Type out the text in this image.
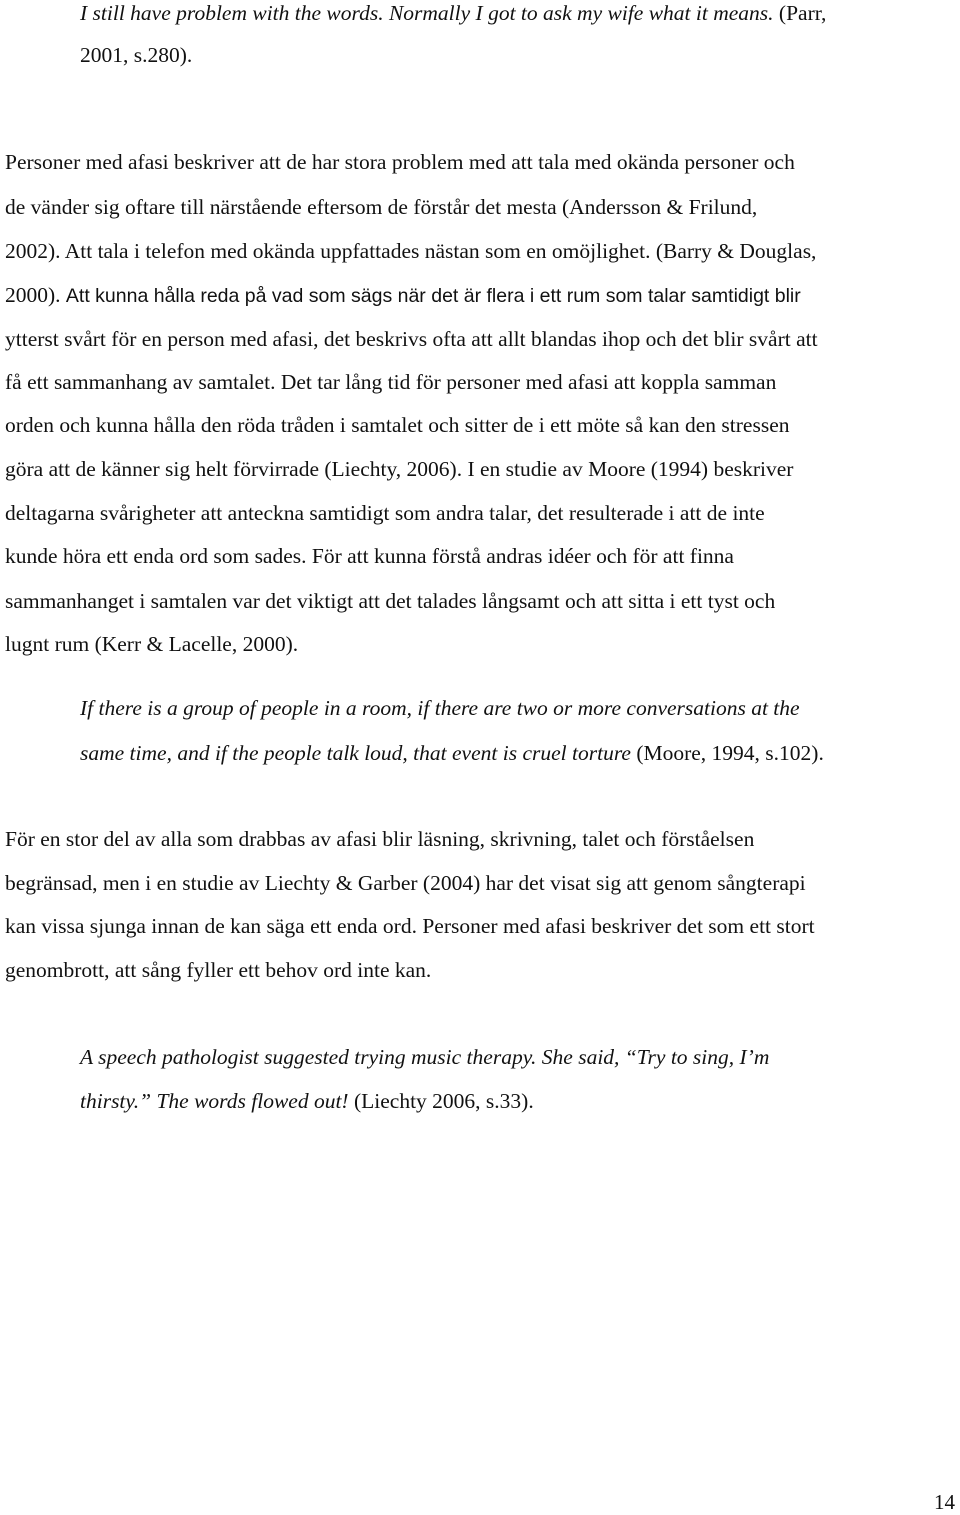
I still have problem with the words. Normally I got to ask my wife what it means. (Parr,
2001, s.280).
Personer med afasi beskriver att de har stora problem med att tala med okända personer och
de vänder sig oftare till närstående eftersom de förstår det mesta (Andersson & Frilund,
2002). Att tala i telefon med okända uppfattades nästan som en omöjlighet. (Barry & Douglas,
2000). Att kunna hålla reda på vad som sägs när det är flera i ett rum som talar samtidigt blir
ytterst svårt för en person med afasi, det beskrivs ofta att allt blandas ihop och det blir svårt att
få ett sammanhang av samtalet. Det tar lång tid för personer med afasi att koppla samman
orden och kunna hålla den röda tråden i samtalet och sitter de i ett möte så kan den stressen
göra att de känner sig helt förvirrade (Liechty, 2006). I en studie av Moore (1994) beskriver
deltagarna svårigheter att anteckna samtidigt som andra talar, det resulterade i att de inte
kunde höra ett enda ord som sades. För att kunna förstå andras idéer och för att finna
sammanhanget i samtalen var det viktigt att det talades långsamt och att sitta i ett tyst och
lugnt rum (Kerr & Lacelle, 2000).
If there is a group of people in a room, if there are two or more conversations at the
same time, and if the people talk loud, that event is cruel torture (Moore, 1994, s.102).
För en stor del av alla som drabbas av afasi blir läsning, skrivning, talet och förståelsen
begränsad, men i en studie av Liechty & Garber (2004) har det visat sig att genom sångterapi
kan vissa sjunga innan de kan säga ett enda ord. Personer med afasi beskriver det som ett stort
genombrott, att sång fyller ett behov ord inte kan.
A speech pathologist suggested trying music therapy. She said, “Try to sing, I’m
thirsty.” The words flowed out! (Liechty 2006, s.33).
14
